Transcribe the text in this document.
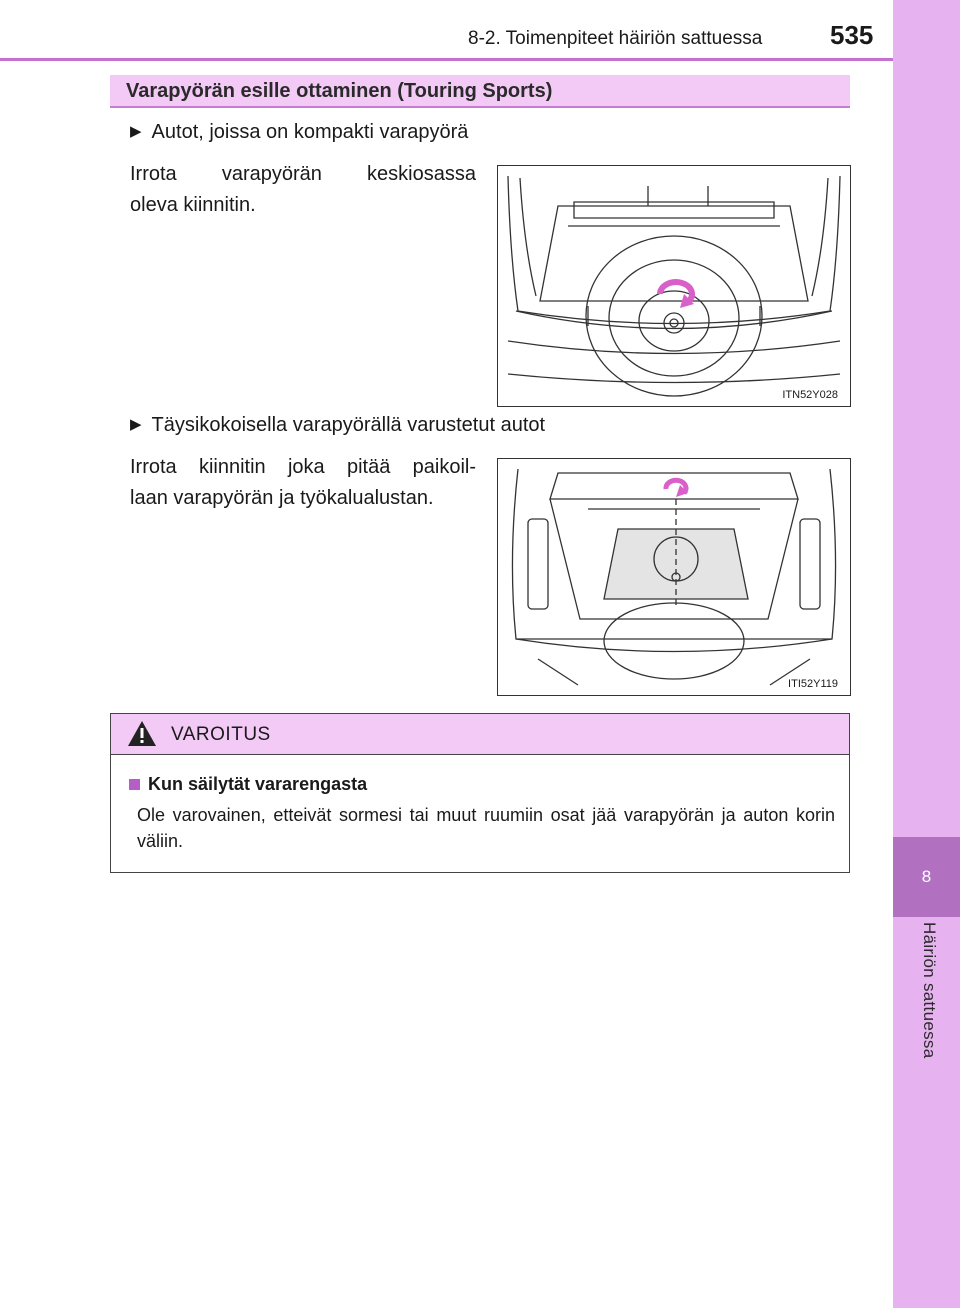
8-2. Toimenpiteet häiriön sattuessa	535
8
Häiriön sattuessa
Varapyörän esille ottaminen (Touring Sports)
▶ Autot, joissa on kompakti varapyörä
Irrota varapyörän keskiosassa
oleva kiinnitin.
ITN52Y028
▶ Täysikokoisella varapyörällä varustetut autot
Irrota kiinnitin joka pitää paikoil-
laan varapyörän ja työkalualustan.
ITI52Y119
VAROITUS
Kun säilytät vararengasta
Ole varovainen, etteivät sormesi tai muut ruumiin osat jää varapyörän ja auton korin väliin.
